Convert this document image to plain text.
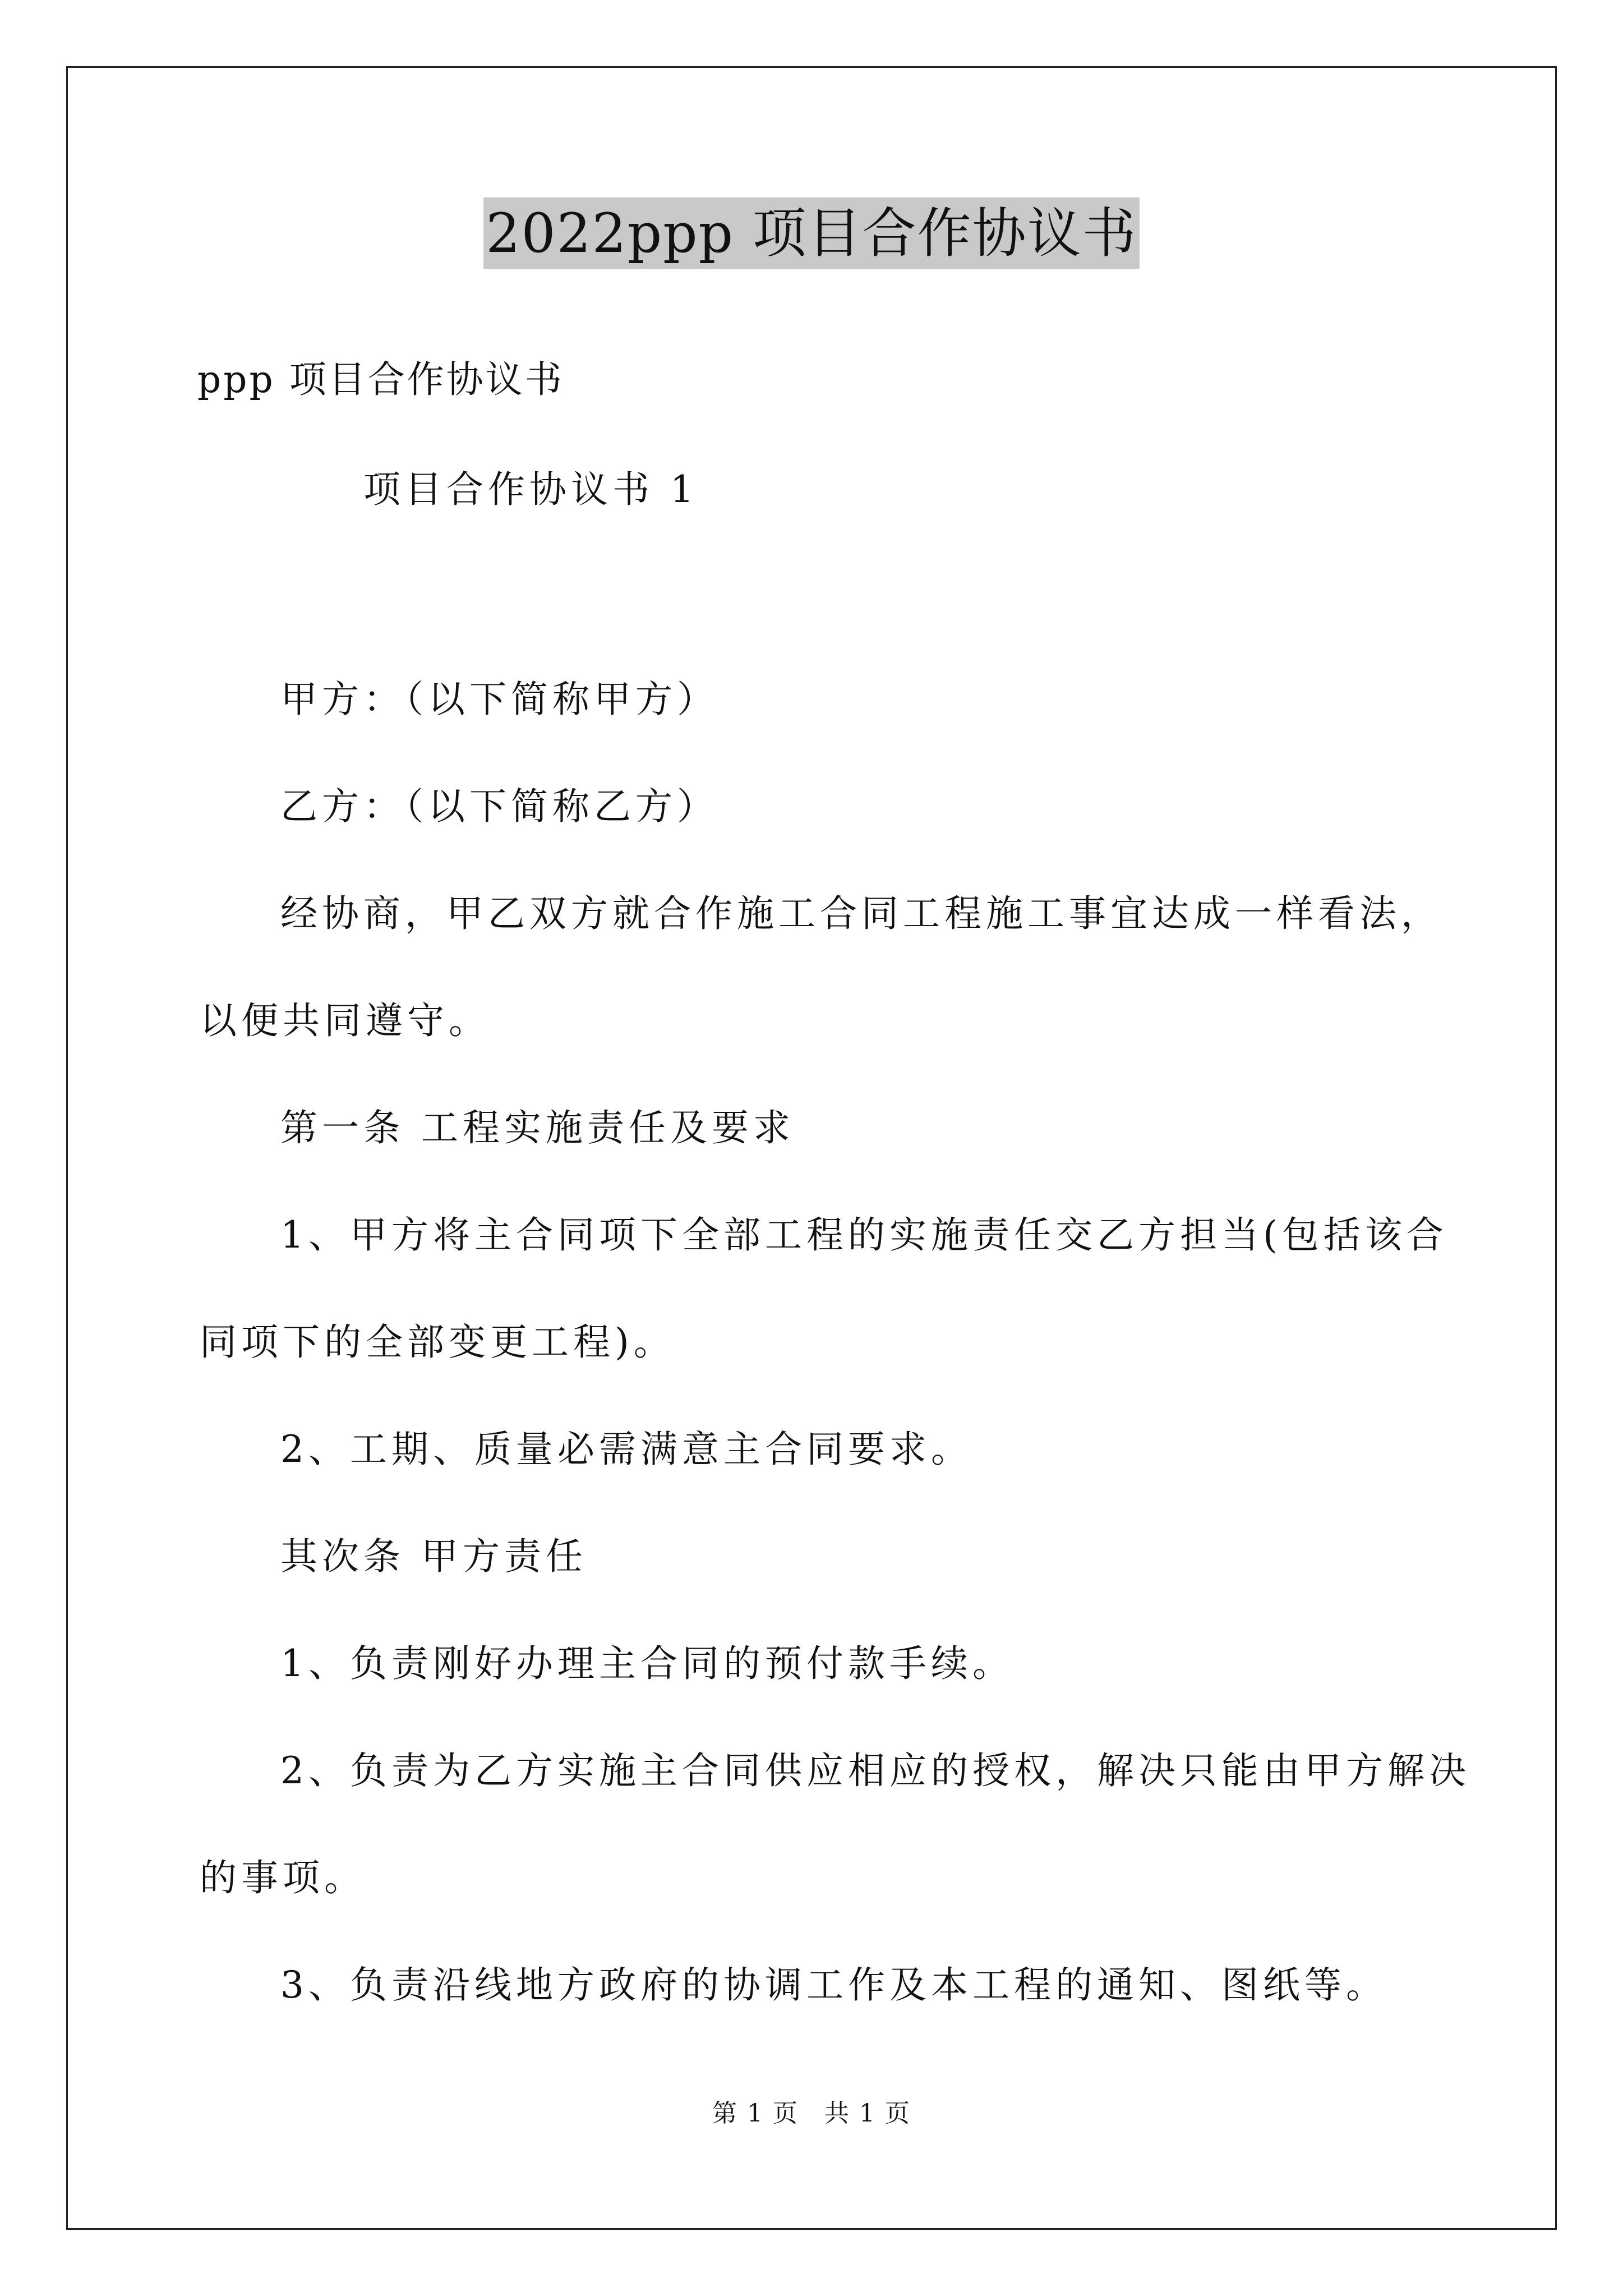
2022ppp 项目合作协议书
ppp 项目合作协议书
项目合作协议书 1
甲方：（以下简称甲方）
乙方：（以下简称乙方）
经协商，甲乙双方就合作施工合同工程施工事宜达成一样看法，
以便共同遵守。
第一条 工程实施责任及要求
1、甲方将主合同项下全部工程的实施责任交乙方担当(包括该合
同项下的全部变更工程)。
2、工期、质量必需满意主合同要求。
其次条 甲方责任
1、负责刚好办理主合同的预付款手续。
2、负责为乙方实施主合同供应相应的授权，解决只能由甲方解决
的事项。
3、负责沿线地方政府的协调工作及本工程的通知、图纸等。
第 1 页　共 1 页
